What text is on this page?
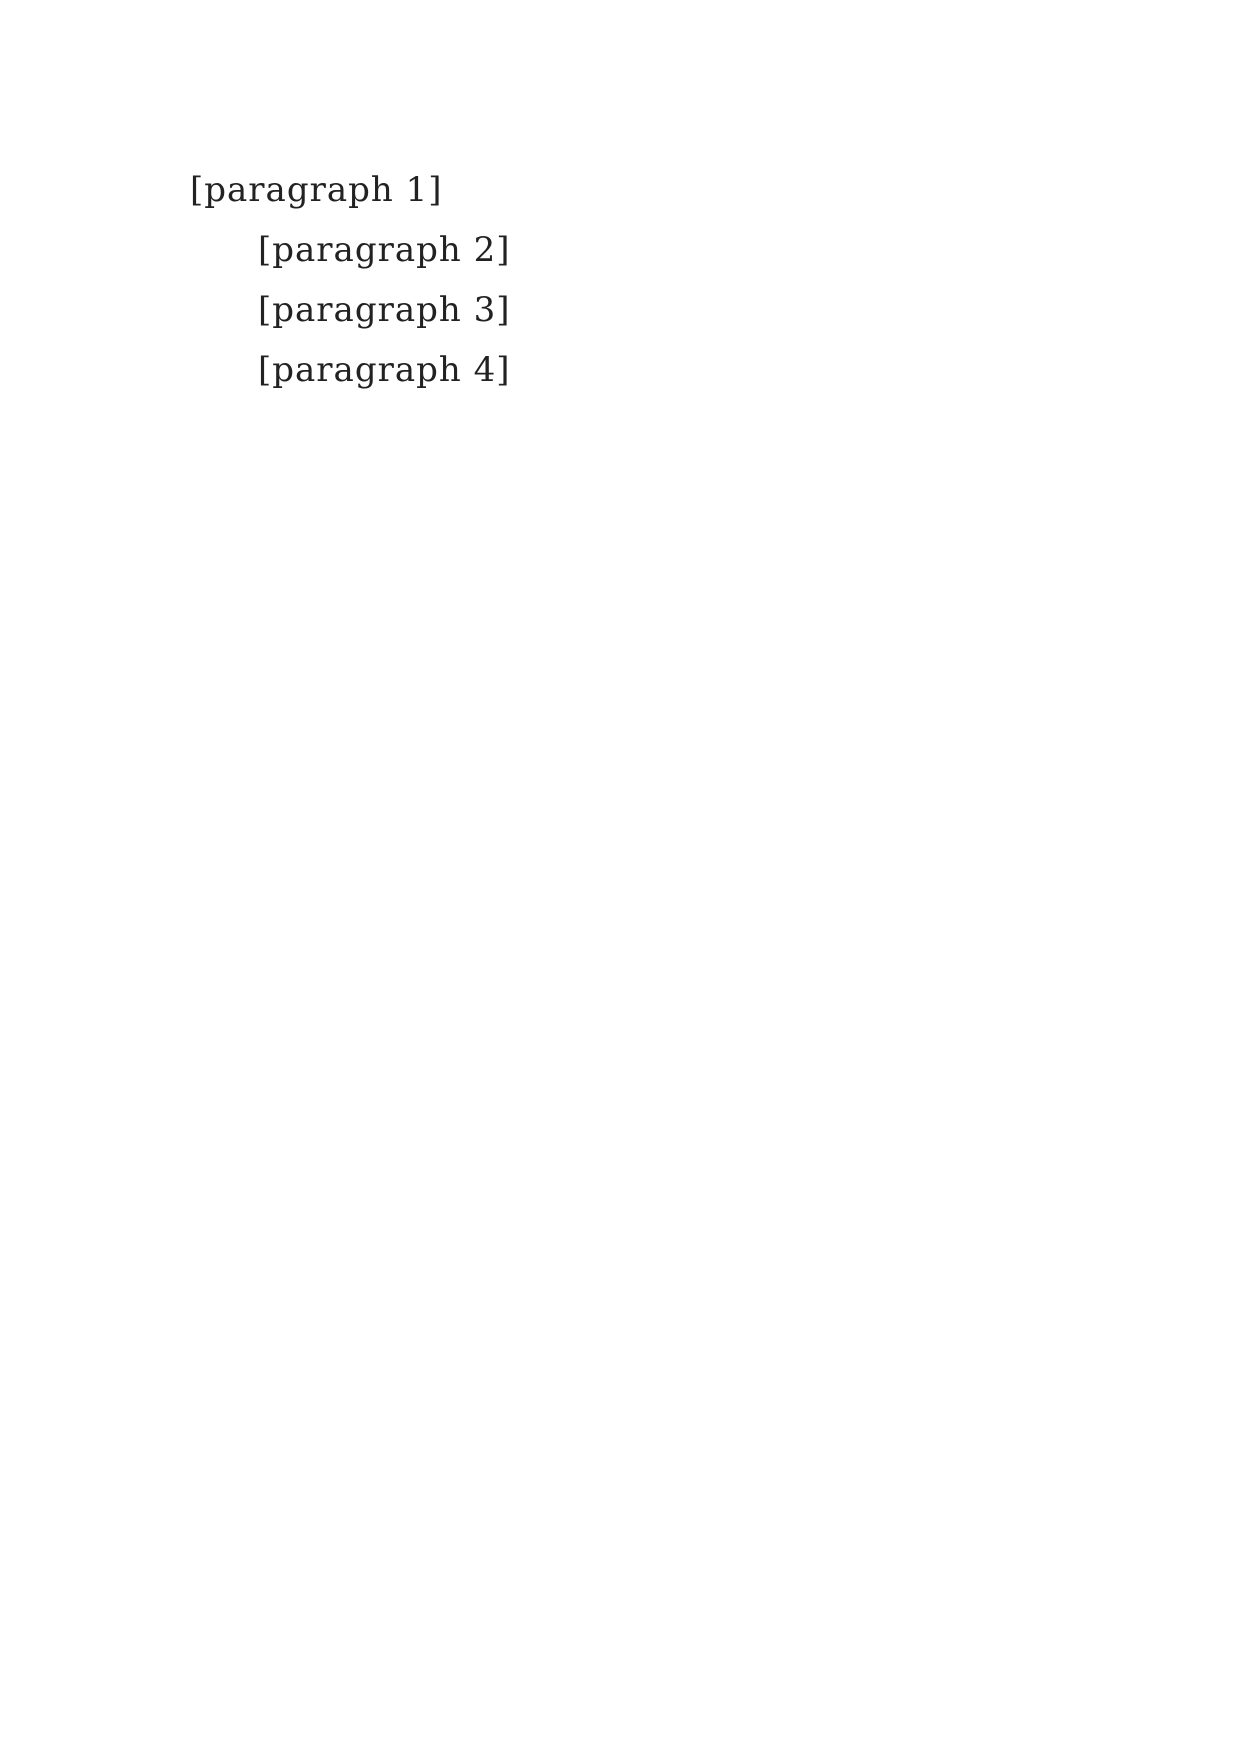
[paragraph 1]

[paragraph 2]

[paragraph 3]

[paragraph 4]
